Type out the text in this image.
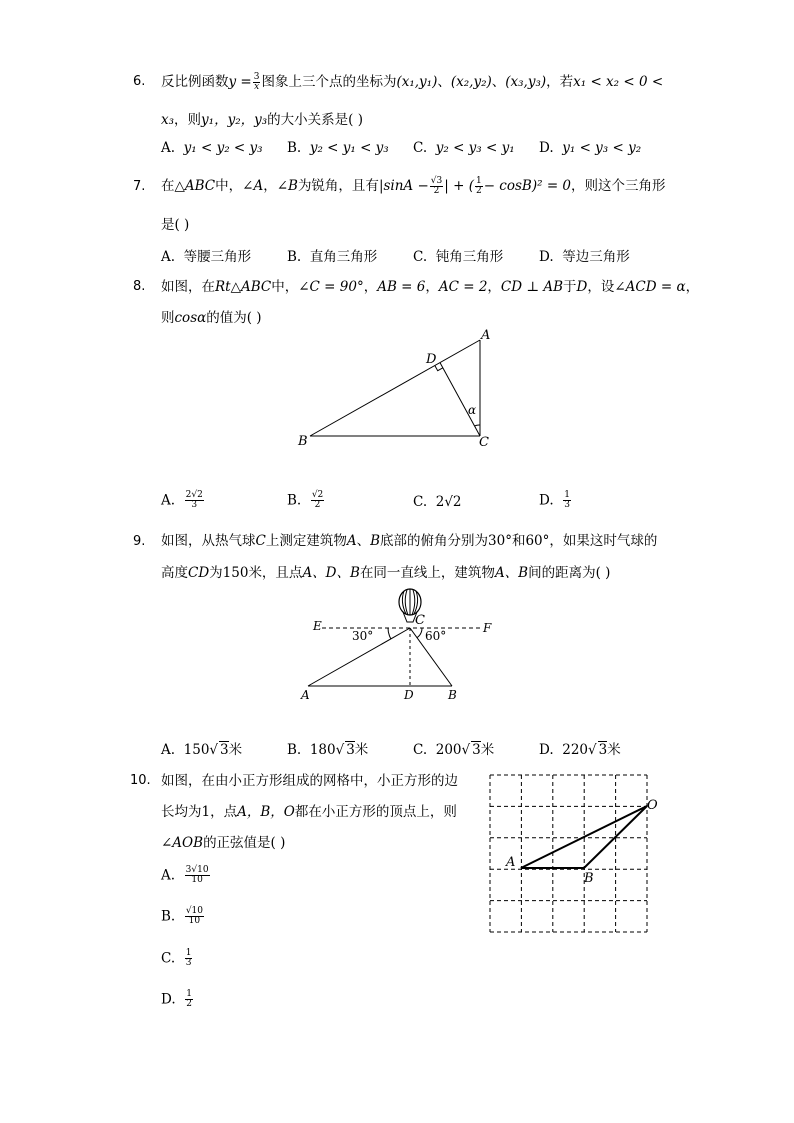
6. 反比例函数$y = \frac{3}{x}$ 图象上三个点的坐标为(x₁,y₁)、(x₂,y₂)、(x₃,y₃)，若x₁ < x₂ < 0 <
x₃，则y₁，y₂，y₃的大小关系是( )
A. y₁ < y₂ < y₃ B. y₂ < y₁ < y₃ C. y₂ < y₃ < y₁ D. y₁ < y₃ < y₂
7. 在△ABC中，∠A，∠B为锐角，且有$|\sin A - \frac{√3}{2}$ | + ( $\frac{1}{2} - \cos B)^2 = 0$，则这个三角形
是( )
A. 等腰三角形	B. 直角三角形	C. 钝角三角形	D. 等边三角形
8. 如图，在Rt△ABC中，∠C = 90°，AB = 6，AC = 2，CD ⊥ AB于D，设∠ACD = α，
则cosα的值为( )
A
B	C
D
α
A. $\frac{2√2}{3}$	B. $\frac{√2}{2}$	C. 2√2	D. $\frac{1}{3}$
9. 如图，从热气球C上测定建筑物A、B底部的俯角分别为30°和60°，如果这时气球的
高度CD为150米，且点A、D、B在同一直线上，建筑物A、B间的距离为( )
E	F
C
30°	60°
A	D	B
A. 150√ 3米	B. 180√ 3米	C. 200√ 3米	D. 220√ 3米
10. 如图，在由小正方形组成的网格中，小正方形的边
长均为1，点A，B，O都在小正方形的顶点上，则
∠AOB的正弦值是( )
A
B
O
A. $\frac{3√10}{10}$
B. $\frac{√10}{10}$
C. $\frac{1}{3}$
D. $\frac{1}{2}$
